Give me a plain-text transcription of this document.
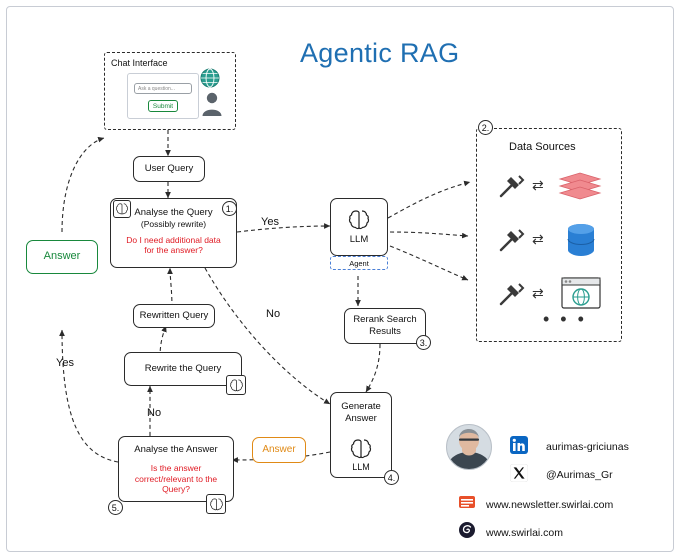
Agentic RAG
Chat Interface
Ask a question...
Submit
User Query
Analyse the Query
(Possibly rewrite)
Do I need additional data for the answer?
1.
Answer
Rewritten Query
Rewrite the Query
Analyse the Answer
Is the answer correct/relevant to the Query?
5.
Answer
LLM
Agent
Rerank Search Results
3.
Generate Answer
LLM
4.
Data Sources
⇄
⇄
⇄
• • •
2.
Yes
No
Yes
No
aurimas-griciunas
@Aurimas_Gr
www.newsletter.swirlai.com
www.swirlai.com
